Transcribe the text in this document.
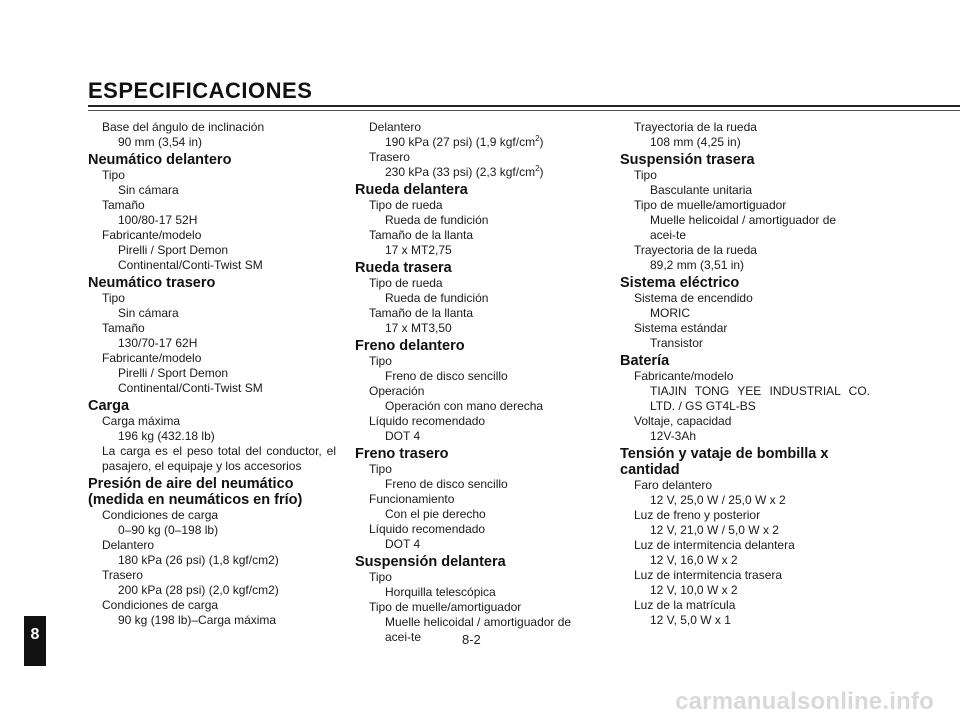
ESPECIFICACIONES
Base del ángulo de inclinación
90 mm (3,54 in)
Neumático delantero
Tipo
Sin cámara
Tamaño
100/80-17 52H
Fabricante/modelo
Pirelli / Sport Demon
Continental/Conti-Twist SM
Neumático trasero
Tipo
Sin cámara
Tamaño
130/70-17 62H
Fabricante/modelo
Pirelli / Sport Demon
Continental/Conti-Twist SM
Carga
Carga máxima
196 kg (432.18 lb)
La carga es el peso total del conductor, el pasajero, el equipaje y los accesorios
Presión de aire del neumático (medida en neumáticos en frío)
Condiciones de carga
0–90 kg (0–198 lb)
Delantero
180 kPa (26 psi) (1,8 kgf/cm2)
Trasero
200 kPa (28 psi) (2,0 kgf/cm2)
Condiciones de carga
90 kg (198 lb)–Carga máxima
Delantero
190 kPa (27 psi) (1,9 kgf/$cm^2$)
Trasero
230 kPa (33 psi) (2,3 kgf/$cm^2$)
Rueda delantera
Tipo de rueda
Rueda de fundición
Tamaño de la llanta
17 x MT2,75
Rueda trasera
Tipo de rueda
Rueda de fundición
Tamaño de la llanta
17 x MT3,50
Freno delantero
Tipo
Freno de disco sencillo
Operación
Operación con mano derecha
Líquido recomendado
DOT 4
Freno trasero
Tipo
Freno de disco sencillo
Funcionamiento
Con el pie derecho
Líquido recomendado
DOT 4
Suspensión delantera
Tipo
Horquilla telescópica
Tipo de muelle/amortiguador
Muelle helicoidal / amortiguador de acei-te
Trayectoria de la rueda
108 mm (4,25 in)
Suspensión trasera
Tipo
Basculante unitaria
Tipo de muelle/amortiguador
Muelle helicoidal / amortiguador de acei-te
Trayectoria de la rueda
89,2 mm (3,51 in)
Sistema eléctrico
Sistema de encendido
MORIC
Sistema estándar
Transistor
Batería
Fabricante/modelo
TIAJIN TONG YEE INDUSTRIAL CO. LTD. / GS GT4L-BS
Voltaje, capacidad
12V-3Ah
Tensión y vataje de bombilla x cantidad
Faro delantero
12 V, 25,0 W / 25,0 W x 2
Luz de freno y posterior
12 V, 21,0 W / 5,0 W x 2
Luz de intermitencia delantera
12 V, 16,0 W x 2
Luz de intermitencia trasera
12 V, 10,0 W x 2
Luz de la matrícula
12 V, 5,0 W x 1
8	8-2
carmanualsonline.info
